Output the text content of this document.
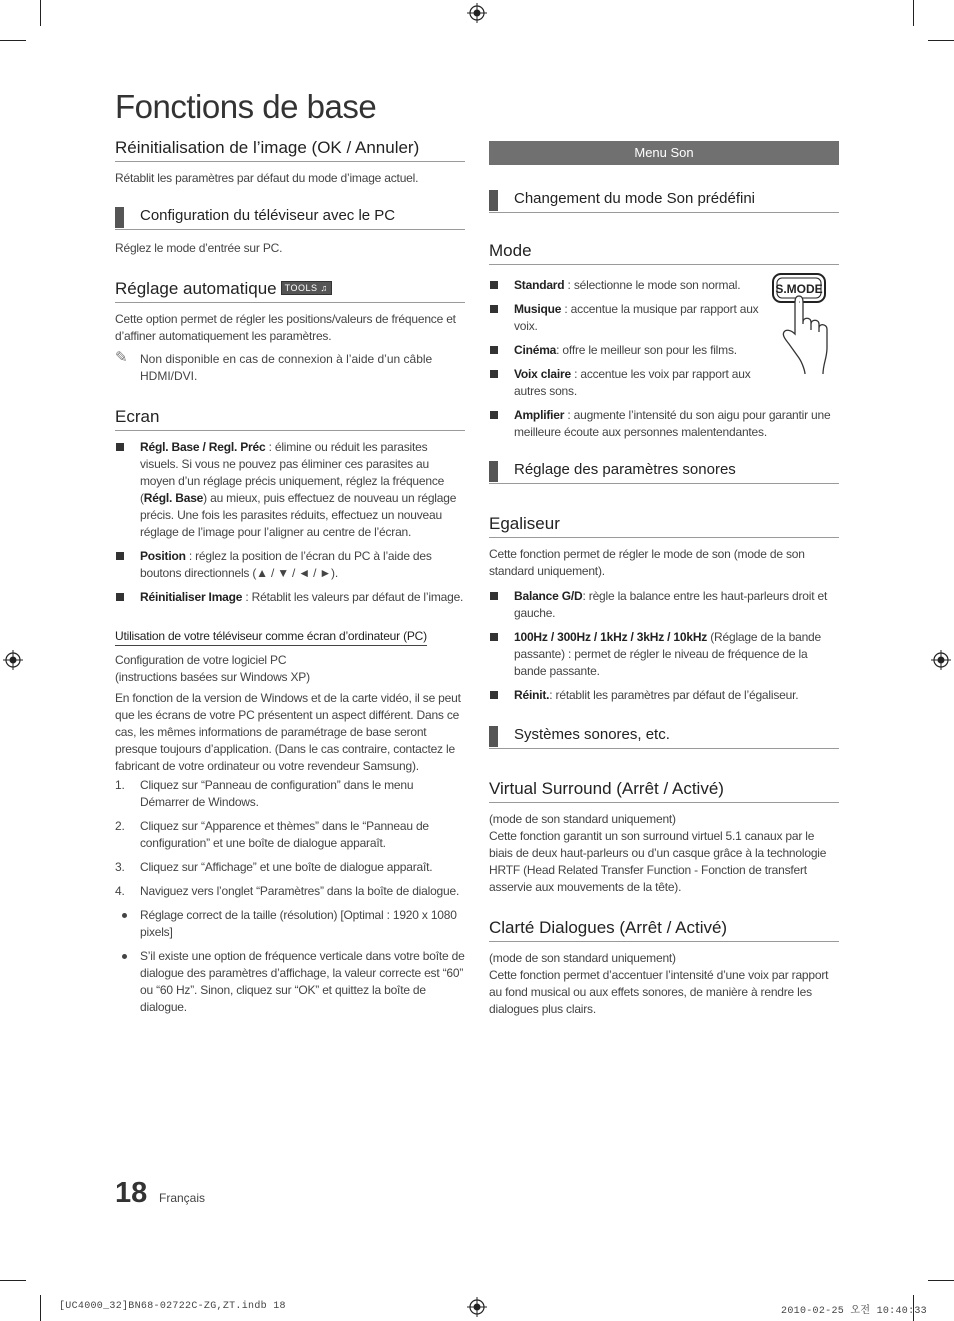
Fonctions de base
Réinitialisation de l’image (OK / Annuler)

Rétablit les paramètres par défaut du mode d’image actuel.

Configuration du téléviseur avec le PC

Réglez le mode d’entrée sur PC.

Réglage automatique TOOLS ♫

Cette option permet de régler les positions/valeurs de fréquence et d’affiner automatiquement les paramètres.

✎ Non disponible en cas de connexion à l’aide d’un câble HDMI/DVI.
Ecran
Régl. Base / Regl. Préc : élimine ou réduit les parasites visuels. Si vous ne pouvez pas éliminer ces parasites au moyen d’un réglage précis uniquement, réglez la fréquence (Régl. Base) au mieux, puis effectuez de nouveau un réglage précis. Une fois les parasites réduits, effectuez un nouveau réglage de l’image pour l’aligner au centre de l’écran.
Position : réglez la position de l’écran du PC à l’aide des boutons directionnels (▲ / ▼ / ◄ / ►).
Réinitialiser Image : Rétablit les valeurs par défaut de l’image.
Utilisation de votre téléviseur comme écran d’ordinateur (PC)

Configuration de votre logiciel PC

(instructions basées sur Windows XP)

En fonction de la version de Windows et de la carte vidéo, il se peut que les écrans de votre PC présentent un aspect différent. Dans ce cas, les mêmes informations de paramétrage de base seront presque toujours d’application. (Dans le cas contraire, contactez le fabricant de votre ordinateur ou votre revendeur Samsung).

1. Cliquez sur “Panneau de configuration” dans le menu Démarrer de Windows.
2. Cliquez sur “Apparence et thèmes” dans le “Panneau de configuration” et une boîte de dialogue apparaît.
3. Cliquez sur “Affichage” et une boîte de dialogue apparaît.
4. Naviguez vers l’onglet “Paramètres” dans la boîte de dialogue.
Réglage correct de la taille (résolution) [Optimal : 1920 x 1080 pixels]
S’il existe une option de fréquence verticale dans votre boîte de dialogue des paramètres d’affichage, la valeur correcte est “60” ou “60 Hz”. Sinon, cliquez sur “OK” et quittez la boîte de dialogue.
Menu Son
Changement du mode Son prédéfini
Mode
S.MODE
Standard : sélectionne le mode son normal.
Musique : accentue la musique par rapport aux voix.
Cinéma: offre le meilleur son pour les films.
Voix claire : accentue les voix par rapport aux autres sons.
Amplifier : augmente l’intensité du son aigu pour garantir une meilleure écoute aux personnes malentendantes.
Réglage des paramètres sonores
Egaliseur

Cette fonction permet de régler le mode de son (mode de son standard uniquement).

Balance G/D: règle la balance entre les haut-parleurs droit et gauche.
100Hz / 300Hz / 1kHz / 3kHz / 10kHz (Réglage de la bande passante) : permet de régler le niveau de fréquence de la bande passante.
Réinit.: rétablit les paramètres par défaut de l’égaliseur.
Systèmes sonores, etc.
Virtual Surround (Arrêt / Activé)

(mode de son standard uniquement)

Cette fonction garantit un son surround virtuel 5.1 canaux par le biais de deux haut-parleurs ou d’un casque grâce à la technologie HRTF (Head Related Transfer Function - Fonction de transfert asservie aux mouvements de la tête).

Clarté Dialogues (Arrêt / Activé)

(mode de son standard uniquement)

Cette fonction permet d’accentuer l’intensité d’une voix par rapport au fond musical ou aux effets sonores, de manière à rendre les dialogues plus clairs.

18 Français
[UC4000_32]BN68-02722C-ZG,ZT.indb 18	2010-02-25 오전 10:40:33
